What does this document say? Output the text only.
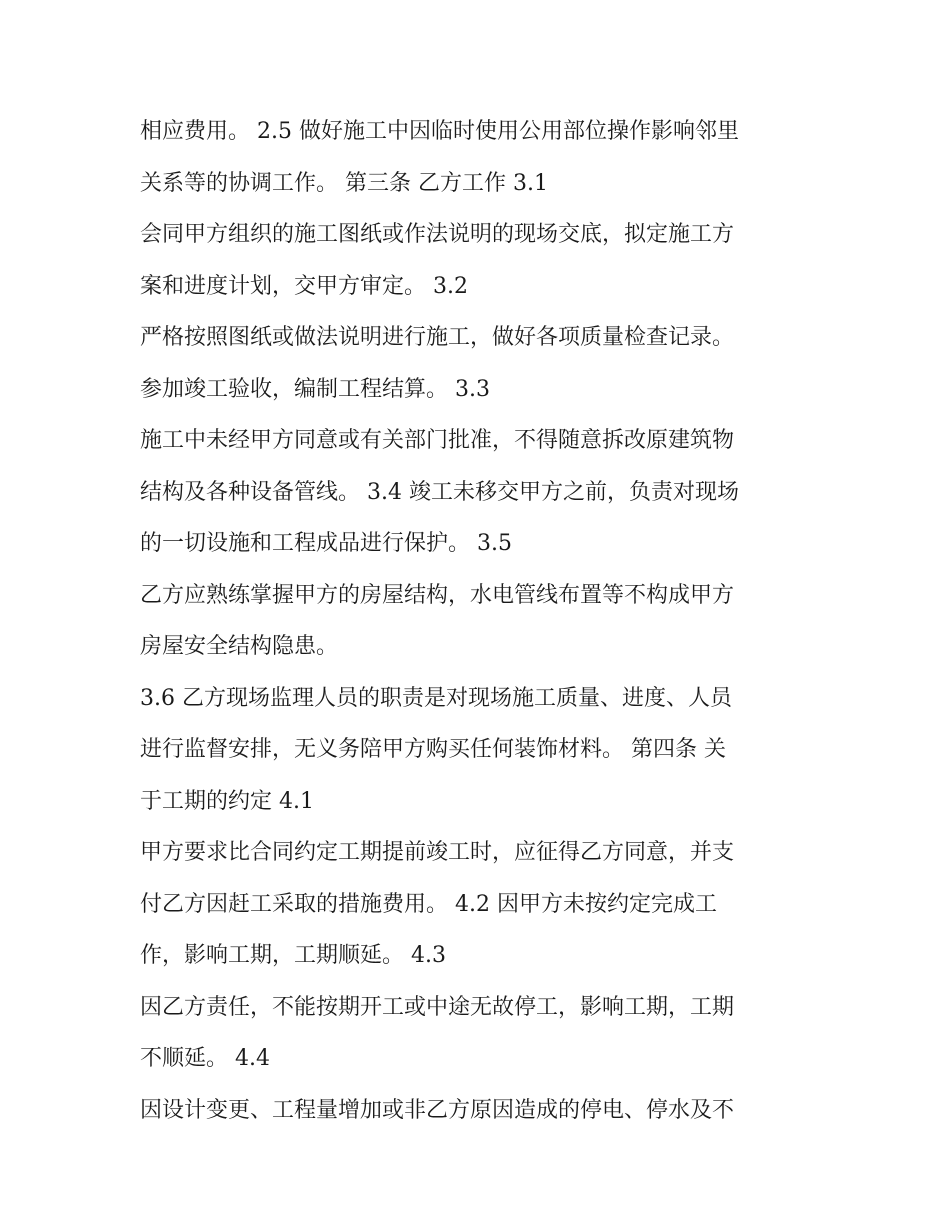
相应费用。 2.5 做好施工中因临时使用公用部位操作影响邻里
关系等的协调工作。 第三条 乙方工作 3.1
会同甲方组织的施工图纸或作法说明的现场交底，拟定施工方
案和进度计划，交甲方审定。 3.2
严格按照图纸或做法说明进行施工，做好各项质量检查记录。
参加竣工验收，编制工程结算。 3.3
施工中未经甲方同意或有关部门批准，不得随意拆改原建筑物
结构及各种设备管线。 3.4 竣工未移交甲方之前，负责对现场
的一切设施和工程成品进行保护。 3.5
乙方应熟练掌握甲方的房屋结构，水电管线布置等不构成甲方
房屋安全结构隐患。
3.6 乙方现场监理人员的职责是对现场施工质量、进度、人员
进行监督安排，无义务陪甲方购买任何装饰材料。 第四条 关
于工期的约定 4.1
甲方要求比合同约定工期提前竣工时，应征得乙方同意，并支
付乙方因赶工采取的措施费用。 4.2 因甲方未按约定完成工
作，影响工期，工期顺延。 4.3
因乙方责任，不能按期开工或中途无故停工，影响工期，工期
不顺延。 4.4
因设计变更、工程量增加或非乙方原因造成的停电、停水及不
